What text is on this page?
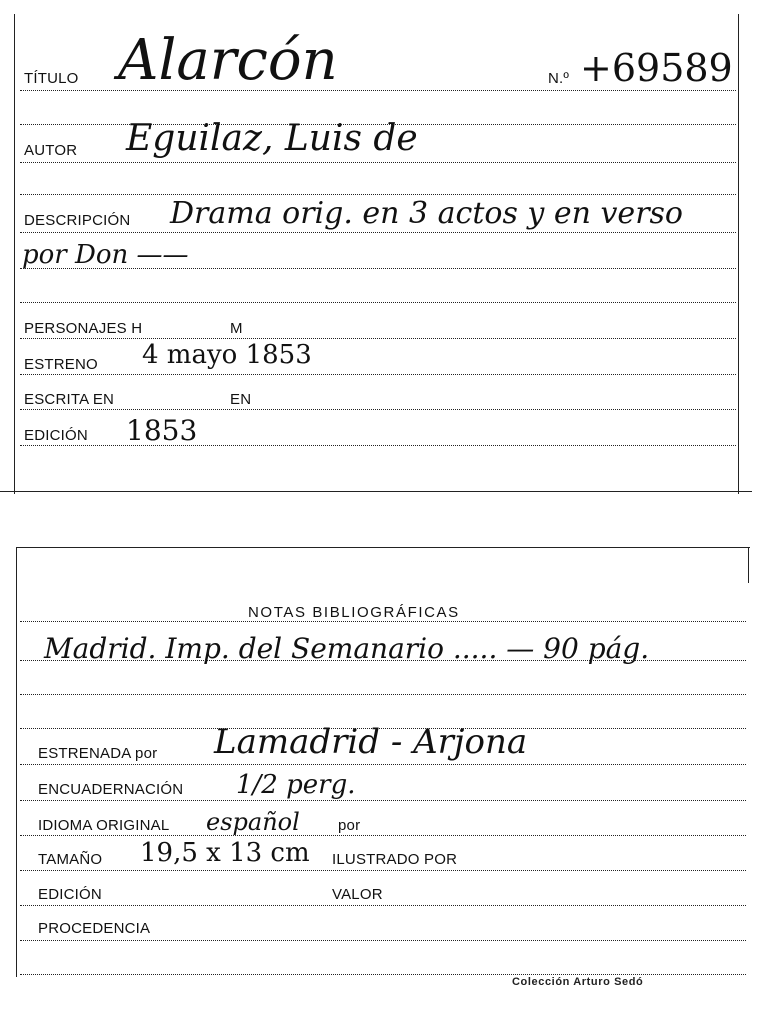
TÍTULO Alarcón	N.º +69589
AUTOR Eguilaz, Luis de
DESCRIPCIÓN Drama orig. en 3 actos y en verso
por Don ——
PERSONAJES H	M
ESTRENO 4 mayo 1853
ESCRITA EN	EN
EDICIÓN 1853
NOTAS BIBLIOGRÁFICAS
Madrid. Imp. del Semanario ..... — 90 pág.
ESTRENADA por Lamadrid - Arjona
ENCUADERNACIÓN 1/2 perg.
IDIOMA ORIGINAL español	por
TAMAÑO 19,5 x 13 cm ILUSTRADO POR
EDICIÓN	VALOR
PROCEDENCIA
Colección Arturo Sedó
